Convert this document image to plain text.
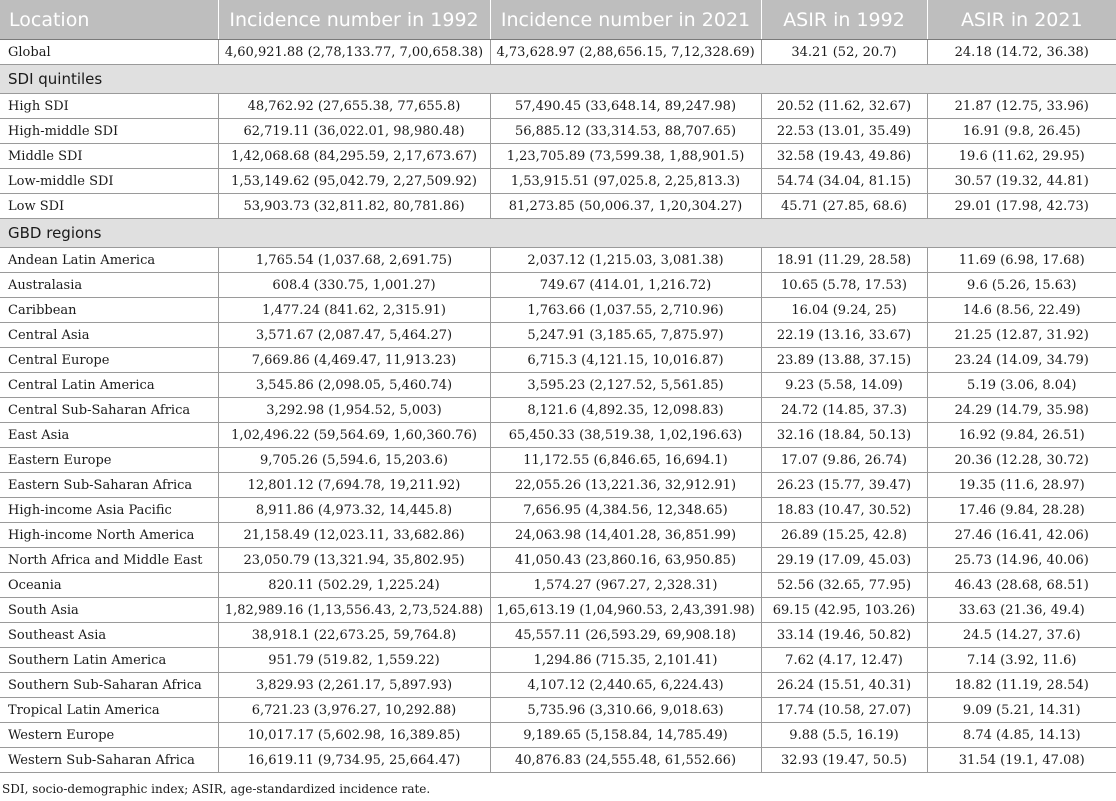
Location	Incidence number in 1992	Incidence number in 2021	ASIR in 1992	ASIR in 2021
Global	4,60,921.88 (2,78,133.77, 7,00,658.38)	4,73,628.97 (2,88,656.15, 7,12,328.69)	34.21 (52, 20.7)	24.18 (14.72, 36.38)
SDI quintiles				
High SDI	48,762.92 (27,655.38, 77,655.8)	57,490.45 (33,648.14, 89,247.98)	20.52 (11.62, 32.67)	21.87 (12.75, 33.96)
High-middle SDI	62,719.11 (36,022.01, 98,980.48)	56,885.12 (33,314.53, 88,707.65)	22.53 (13.01, 35.49)	16.91 (9.8, 26.45)
Middle SDI	1,42,068.68 (84,295.59, 2,17,673.67)	1,23,705.89 (73,599.38, 1,88,901.5)	32.58 (19.43, 49.86)	19.6 (11.62, 29.95)
Low-middle SDI	1,53,149.62 (95,042.79, 2,27,509.92)	1,53,915.51 (97,025.8, 2,25,813.3)	54.74 (34.04, 81.15)	30.57 (19.32, 44.81)
Low SDI	53,903.73 (32,811.82, 80,781.86)	81,273.85 (50,006.37, 1,20,304.27)	45.71 (27.85, 68.6)	29.01 (17.98, 42.73)
GBD regions				
Andean Latin America	1,765.54 (1,037.68, 2,691.75)	2,037.12 (1,215.03, 3,081.38)	18.91 (11.29, 28.58)	11.69 (6.98, 17.68)
Australasia	608.4 (330.75, 1,001.27)	749.67 (414.01, 1,216.72)	10.65 (5.78, 17.53)	9.6 (5.26, 15.63)
Caribbean	1,477.24 (841.62, 2,315.91)	1,763.66 (1,037.55, 2,710.96)	16.04 (9.24, 25)	14.6 (8.56, 22.49)
Central Asia	3,571.67 (2,087.47, 5,464.27)	5,247.91 (3,185.65, 7,875.97)	22.19 (13.16, 33.67)	21.25 (12.87, 31.92)
Central Europe	7,669.86 (4,469.47, 11,913.23)	6,715.3 (4,121.15, 10,016.87)	23.89 (13.88, 37.15)	23.24 (14.09, 34.79)
Central Latin America	3,545.86 (2,098.05, 5,460.74)	3,595.23 (2,127.52, 5,561.85)	9.23 (5.58, 14.09)	5.19 (3.06, 8.04)
Central Sub-Saharan Africa	3,292.98 (1,954.52, 5,003)	8,121.6 (4,892.35, 12,098.83)	24.72 (14.85, 37.3)	24.29 (14.79, 35.98)
East Asia	1,02,496.22 (59,564.69, 1,60,360.76)	65,450.33 (38,519.38, 1,02,196.63)	32.16 (18.84, 50.13)	16.92 (9.84, 26.51)
Eastern Europe	9,705.26 (5,594.6, 15,203.6)	11,172.55 (6,846.65, 16,694.1)	17.07 (9.86, 26.74)	20.36 (12.28, 30.72)
Eastern Sub-Saharan Africa	12,801.12 (7,694.78, 19,211.92)	22,055.26 (13,221.36, 32,912.91)	26.23 (15.77, 39.47)	19.35 (11.6, 28.97)
High-income Asia Pacific	8,911.86 (4,973.32, 14,445.8)	7,656.95 (4,384.56, 12,348.65)	18.83 (10.47, 30.52)	17.46 (9.84, 28.28)
High-income North America	21,158.49 (12,023.11, 33,682.86)	24,063.98 (14,401.28, 36,851.99)	26.89 (15.25, 42.8)	27.46 (16.41, 42.06)
North Africa and Middle East	23,050.79 (13,321.94, 35,802.95)	41,050.43 (23,860.16, 63,950.85)	29.19 (17.09, 45.03)	25.73 (14.96, 40.06)
Oceania	820.11 (502.29, 1,225.24)	1,574.27 (967.27, 2,328.31)	52.56 (32.65, 77.95)	46.43 (28.68, 68.51)
South Asia	1,82,989.16 (1,13,556.43, 2,73,524.88)	1,65,613.19 (1,04,960.53, 2,43,391.98)	69.15 (42.95, 103.26)	33.63 (21.36, 49.4)
Southeast Asia	38,918.1 (22,673.25, 59,764.8)	45,557.11 (26,593.29, 69,908.18)	33.14 (19.46, 50.82)	24.5 (14.27, 37.6)
Southern Latin America	951.79 (519.82, 1,559.22)	1,294.86 (715.35, 2,101.41)	7.62 (4.17, 12.47)	7.14 (3.92, 11.6)
Southern Sub-Saharan Africa	3,829.93 (2,261.17, 5,897.93)	4,107.12 (2,440.65, 6,224.43)	26.24 (15.51, 40.31)	18.82 (11.19, 28.54)
Tropical Latin America	6,721.23 (3,976.27, 10,292.88)	5,735.96 (3,310.66, 9,018.63)	17.74 (10.58, 27.07)	9.09 (5.21, 14.31)
Western Europe	10,017.17 (5,602.98, 16,389.85)	9,189.65 (5,158.84, 14,785.49)	9.88 (5.5, 16.19)	8.74 (4.85, 14.13)
Western Sub-Saharan Africa	16,619.11 (9,734.95, 25,664.47)	40,876.83 (24,555.48, 61,552.66)	32.93 (19.47, 50.5)	31.54 (19.1, 47.08)
SDI, socio-demographic index; ASIR, age-standardized incidence rate.
